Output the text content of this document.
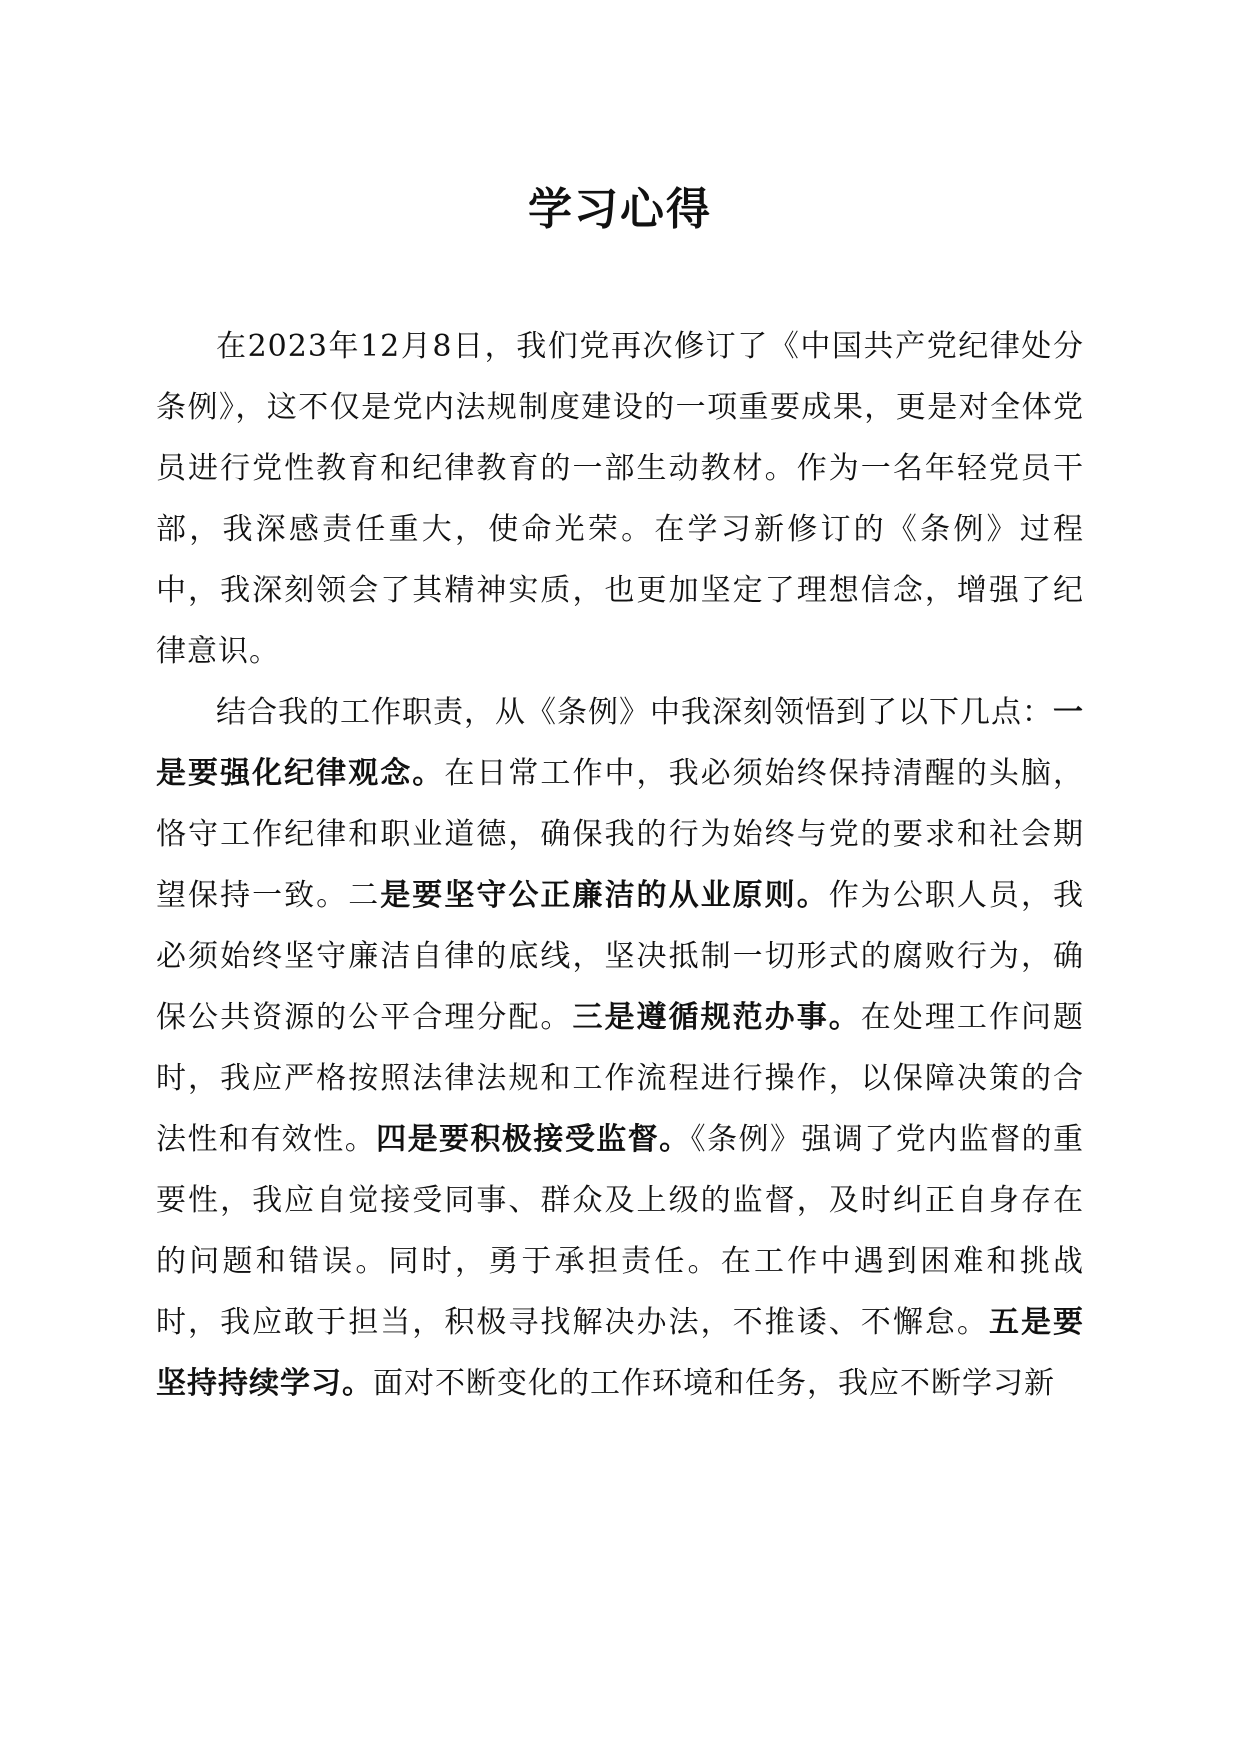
学习心得

在2023年12月8日，我们党再次修订了《中国共产党纪律处分条例》，这不仅是党内法规制度建设的一项重要成果，更是对全体党员进行党性教育和纪律教育的一部生动教材。作为一名年轻党员干部，我深感责任重大，使命光荣。在学习新修订的《条例》过程中，我深刻领会了其精神实质，也更加坚定了理想信念，增强了纪律意识。

结合我的工作职责，从《条例》中我深刻领悟到了以下几点：一是要强化纪律观念。在日常工作中，我必须始终保持清醒的头脑，恪守工作纪律和职业道德，确保我的行为始终与党的要求和社会期望保持一致。二是要坚守公正廉洁的从业原则。作为公职人员，我必须始终坚守廉洁自律的底线，坚决抵制一切形式的腐败行为，确保公共资源的公平合理分配。三是遵循规范办事。在处理工作问题时，我应严格按照法律法规和工作流程进行操作，以保障决策的合法性和有效性。四是要积极接受监督。《条例》强调了党内监督的重要性，我应自觉接受同事、群众及上级的监督，及时纠正自身存在的问题和错误。同时，勇于承担责任。在工作中遇到困难和挑战时，我应敢于担当，积极寻找解决办法，不推诿、不懈怠。五是要坚持持续学习。面对不断变化的工作环境和任务，我应不断学习新
